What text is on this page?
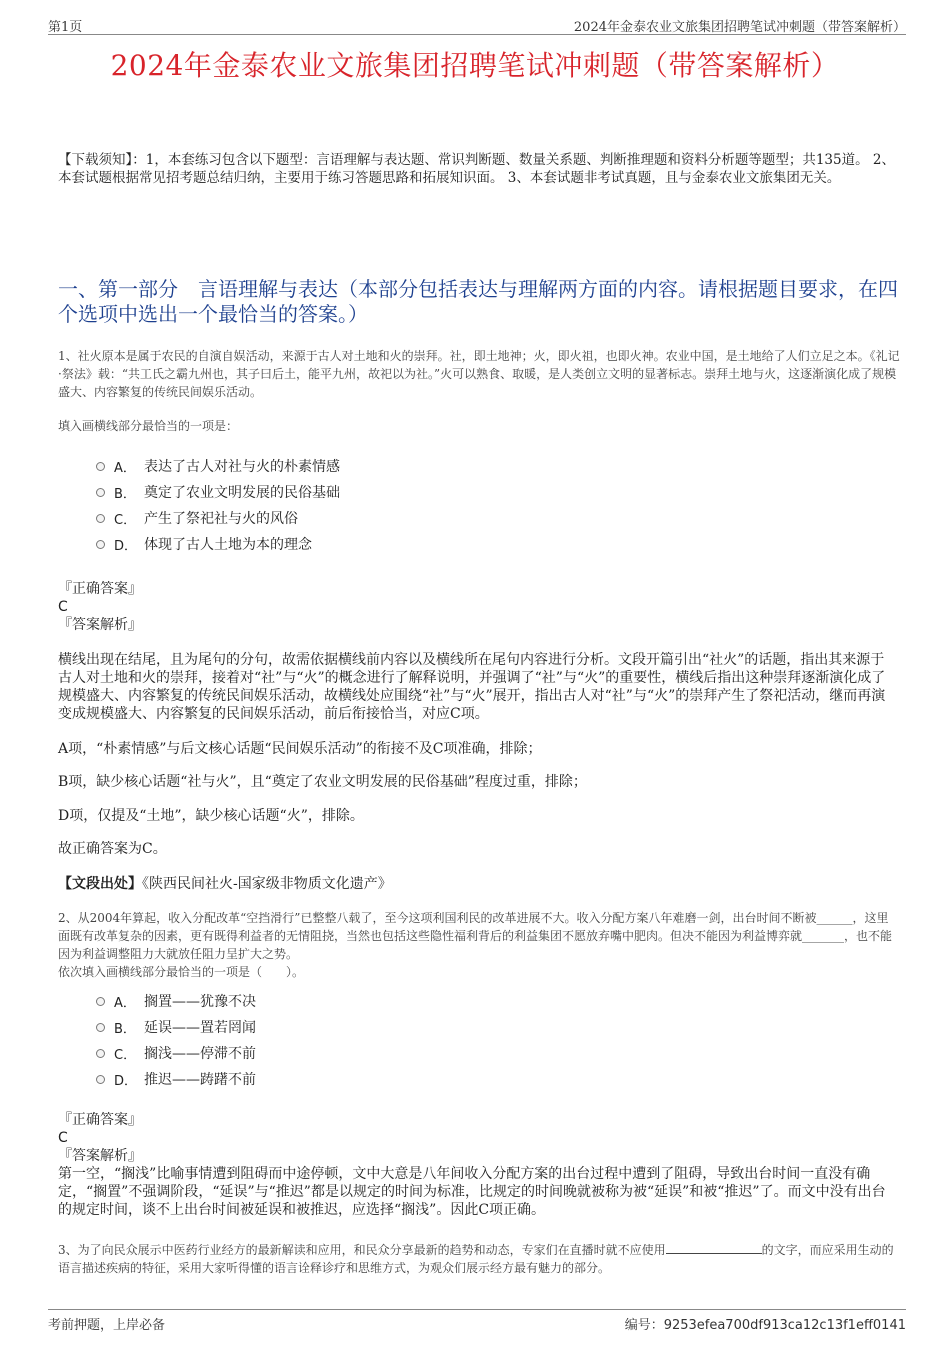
第1页	2024年金泰农业文旅集团招聘笔试冲刺题（带答案解析）
2024年金泰农业文旅集团招聘笔试冲刺题（带答案解析）
【下载须知】：1，本套练习包含以下题型：言语理解与表达题、常识判断题、数量关系题、判断推理题和资料分析题等题型；共135道。 2、本套试题根据常见招考题总结归纳，主要用于练习答题思路和拓展知识面。 3、本套试题非考试真题，且与金泰农业文旅集团无关。
一、第一部分　言语理解与表达（本部分包括表达与理解两方面的内容。请根据题目要求，在四个选项中选出一个最恰当的答案。）
1、社火原本是属于农民的自演自娱活动，来源于古人对土地和火的崇拜。社，即土地神；火，即火祖，也即火神。农业中国，是土地给了人们立足之本。《礼记·祭法》载：“共工氏之霸九州也，其子曰后土，能平九州，故祀以为社。”火可以熟食、取暖，是人类创立文明的显著标志。崇拜土地与火，这逐渐演化成了规模盛大、内容繁复的传统民间娱乐活动。
填入画横线部分最恰当的一项是：
A． 表达了古人对社与火的朴素情感
B． 奠定了农业文明发展的民俗基础
C． 产生了祭祀社与火的风俗
D． 体现了古人土地为本的理念
『正确答案』
C
『答案解析』
横线出现在结尾，且为尾句的分句，故需依据横线前内容以及横线所在尾句内容进行分析。文段开篇引出“社火”的话题，指出其来源于古人对土地和火的崇拜，接着对“社”与“火”的概念进行了解释说明，并强调了“社”与“火”的重要性，横线后指出这种崇拜逐渐演化成了规模盛大、内容繁复的传统民间娱乐活动，故横线处应围绕“社”与“火”展开，指出古人对“社”与“火”的崇拜产生了祭祀活动，继而再演变成规模盛大、内容繁复的民间娱乐活动，前后衔接恰当，对应C项。
A项，“朴素情感”与后文核心话题“民间娱乐活动”的衔接不及C项准确，排除；
B项，缺少核心话题“社与火”，且“奠定了农业文明发展的民俗基础”程度过重，排除；
D项，仅提及“土地”，缺少核心话题“火”，排除。
故正确答案为C。
【文段出处】《陕西民间社火-国家级非物质文化遗产》
2、从2004年算起，收入分配改革“空挡滑行”已整整八载了，至今这项利国利民的改革进展不大。收入分配方案八年难磨一剑，出台时间不断被______，这里面既有改革复杂的因素，更有既得利益者的无情阻挠，当然也包括这些隐性福利背后的利益集团不愿放弃嘴中肥肉。但决不能因为利益博弈就_______，也不能因为利益调整阻力大就放任阻力呈扩大之势。
依次填入画横线部分最恰当的一项是（　　）。
A． 搁置——犹豫不决
B． 延误——置若罔闻
C． 搁浅——停滞不前
D． 推迟——踌躇不前
『正确答案』
C
『答案解析』
第一空，“搁浅”比喻事情遭到阻碍而中途停顿，文中大意是八年间收入分配方案的出台过程中遭到了阻碍，导致出台时间一直没有确定，“搁置”不强调阶段，“延误”与“推迟”都是以规定的时间为标准，比规定的时间晚就被称为被“延误”和被“推迟”了。而文中没有出台的规定时间，谈不上出台时间被延误和被推迟，应选择“搁浅”。因此C项正确。
3、为了向民众展示中医药行业经方的最新解读和应用，和民众分享最新的趋势和动态，专家们在直播时就不应使用	的文字，而应采用生动的语言描述疾病的特征，采用大家听得懂的语言诠释诊疗和思维方式，为观众们展示经方最有魅力的部分。
考前押题，上岸必备	编号：9253efea700df913ca12c13f1eff0141
